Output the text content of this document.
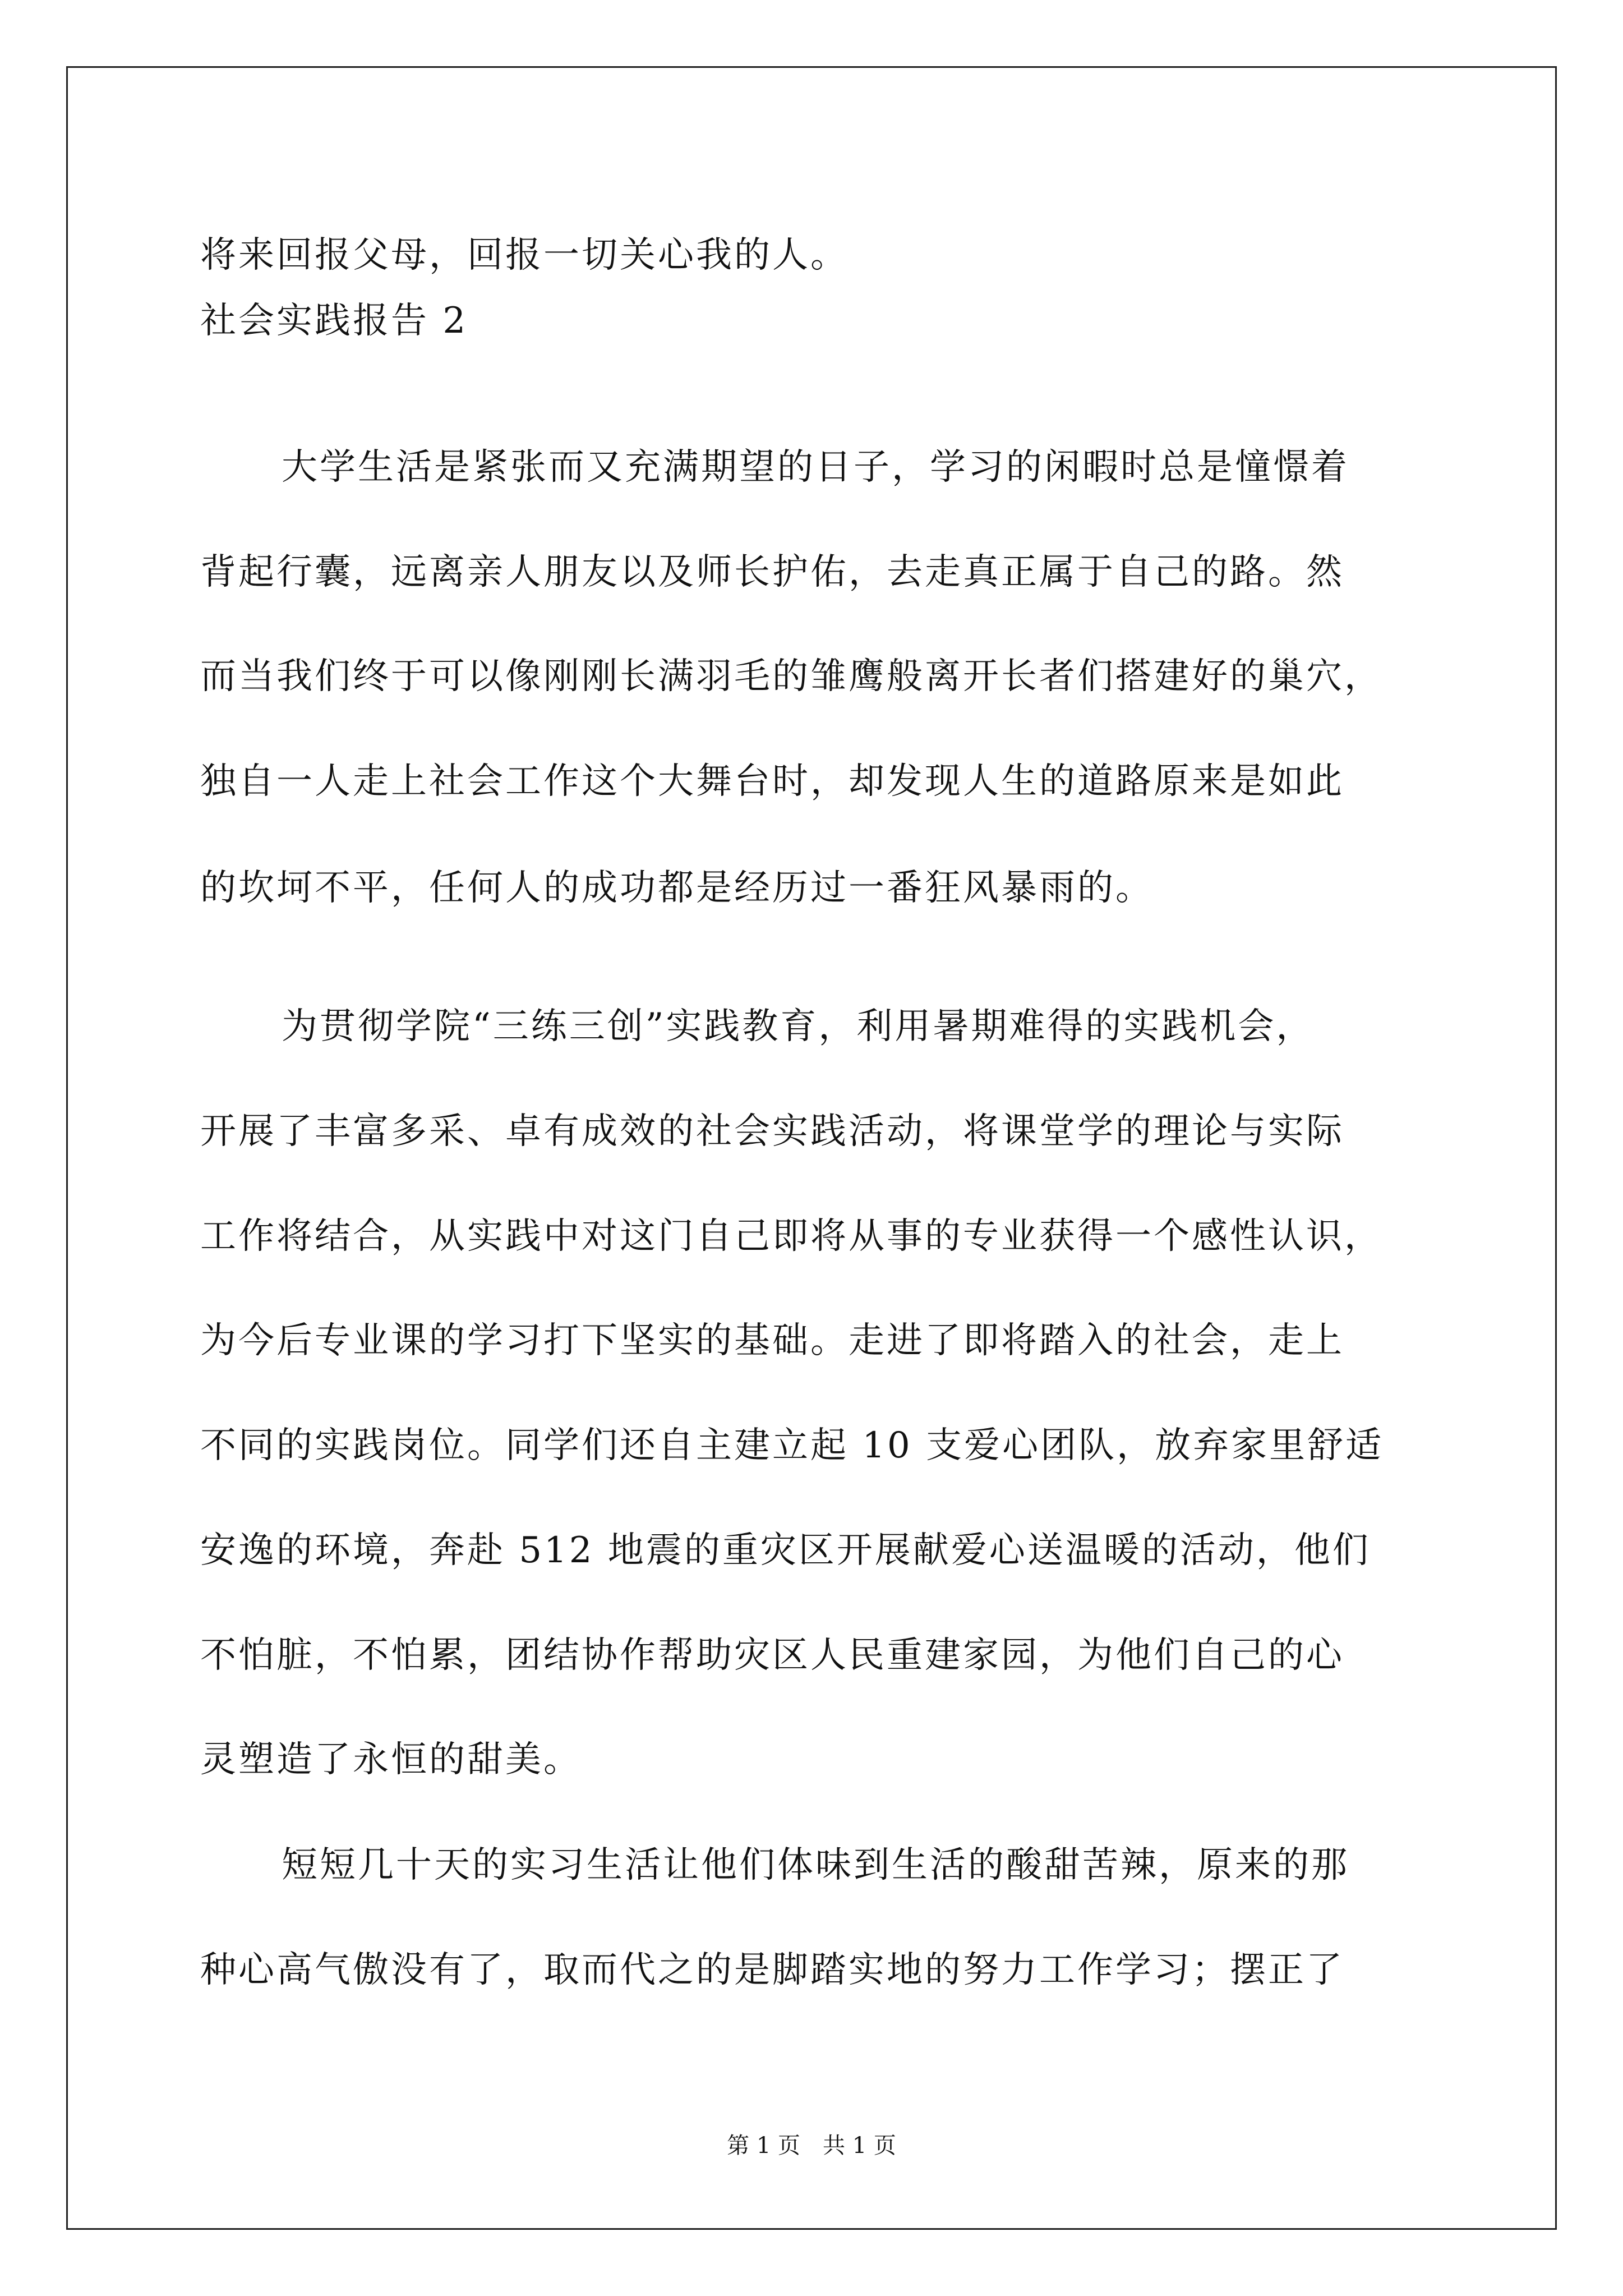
将来回报父母，回报一切关心我的人。
社会实践报告 2
大学生活是紧张而又充满期望的日子，学习的闲暇时总是憧憬着
背起行囊，远离亲人朋友以及师长护佑，去走真正属于自己的路。然
而当我们终于可以像刚刚长满羽毛的雏鹰般离开长者们搭建好的巢穴，
独自一人走上社会工作这个大舞台时，却发现人生的道路原来是如此
的坎坷不平，任何人的成功都是经历过一番狂风暴雨的。
为贯彻学院“三练三创”实践教育，利用暑期难得的实践机会，
开展了丰富多采、卓有成效的社会实践活动，将课堂学的理论与实际
工作将结合，从实践中对这门自己即将从事的专业获得一个感性认识，
为今后专业课的学习打下坚实的基础。走进了即将踏入的社会，走上
不同的实践岗位。同学们还自主建立起 10 支爱心团队，放弃家里舒适
安逸的环境，奔赴 512 地震的重灾区开展献爱心送温暖的活动，他们
不怕脏，不怕累，团结协作帮助灾区人民重建家园，为他们自己的心
灵塑造了永恒的甜美。
短短几十天的实习生活让他们体味到生活的酸甜苦辣，原来的那
种心高气傲没有了，取而代之的是脚踏实地的努力工作学习；摆正了
第 1 页　共 1 页
